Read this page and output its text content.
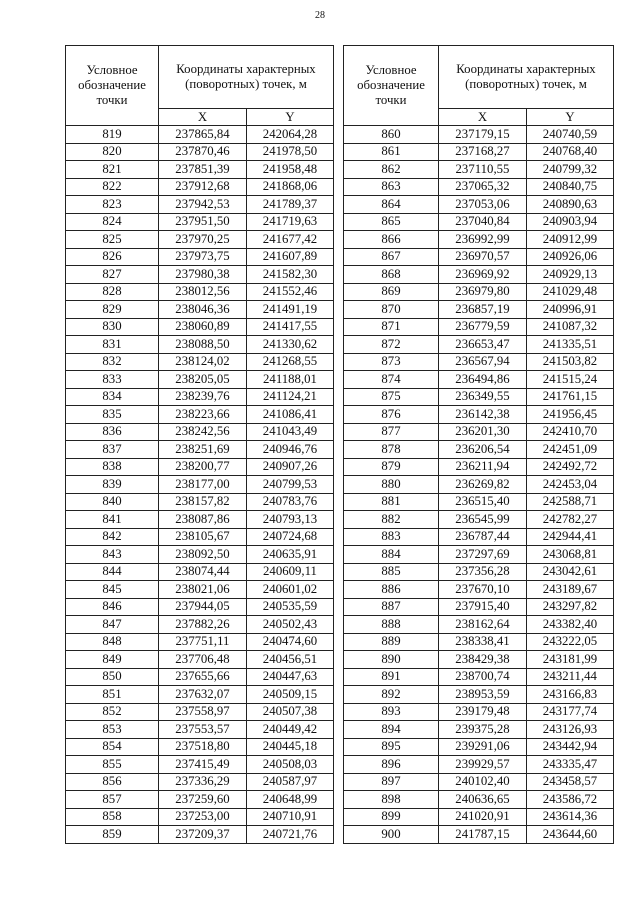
28
Условное обозначение точки	Координаты характерных (поворотных) точек, м	
	X	Y
819	237865,84	242064,28
820	237870,46	241978,50
821	237851,39	241958,48
822	237912,68	241868,06
823	237942,53	241789,37
824	237951,50	241719,63
825	237970,25	241677,42
826	237973,75	241607,89
827	237980,38	241582,30
828	238012,56	241552,46
829	238046,36	241491,19
830	238060,89	241417,55
831	238088,50	241330,62
832	238124,02	241268,55
833	238205,05	241188,01
834	238239,76	241124,21
835	238223,66	241086,41
836	238242,56	241043,49
837	238251,69	240946,76
838	238200,77	240907,26
839	238177,00	240799,53
840	238157,82	240783,76
841	238087,86	240793,13
842	238105,67	240724,68
843	238092,50	240635,91
844	238074,44	240609,11
845	238021,06	240601,02
846	237944,05	240535,59
847	237882,26	240502,43
848	237751,11	240474,60
849	237706,48	240456,51
850	237655,66	240447,63
851	237632,07	240509,15
852	237558,97	240507,38
853	237553,57	240449,42
854	237518,80	240445,18
855	237415,49	240508,03
856	237336,29	240587,97
857	237259,60	240648,99
858	237253,00	240710,91
859	237209,37	240721,76
Условное обозначение точки	Координаты характерных (поворотных) точек, м	
	X	Y
860	237179,15	240740,59
861	237168,27	240768,40
862	237110,55	240799,32
863	237065,32	240840,75
864	237053,06	240890,63
865	237040,84	240903,94
866	236992,99	240912,99
867	236970,57	240926,06
868	236969,92	240929,13
869	236979,80	241029,48
870	236857,19	240996,91
871	236779,59	241087,32
872	236653,47	241335,51
873	236567,94	241503,82
874	236494,86	241515,24
875	236349,55	241761,15
876	236142,38	241956,45
877	236201,30	242410,70
878	236206,54	242451,09
879	236211,94	242492,72
880	236269,82	242453,04
881	236515,40	242588,71
882	236545,99	242782,27
883	236787,44	242944,41
884	237297,69	243068,81
885	237356,28	243042,61
886	237670,10	243189,67
887	237915,40	243297,82
888	238162,64	243382,40
889	238338,41	243222,05
890	238429,38	243181,99
891	238700,74	243211,44
892	238953,59	243166,83
893	239179,48	243177,74
894	239375,28	243126,93
895	239291,06	243442,94
896	239929,57	243335,47
897	240102,40	243458,57
898	240636,65	243586,72
899	241020,91	243614,36
900	241787,15	243644,60
